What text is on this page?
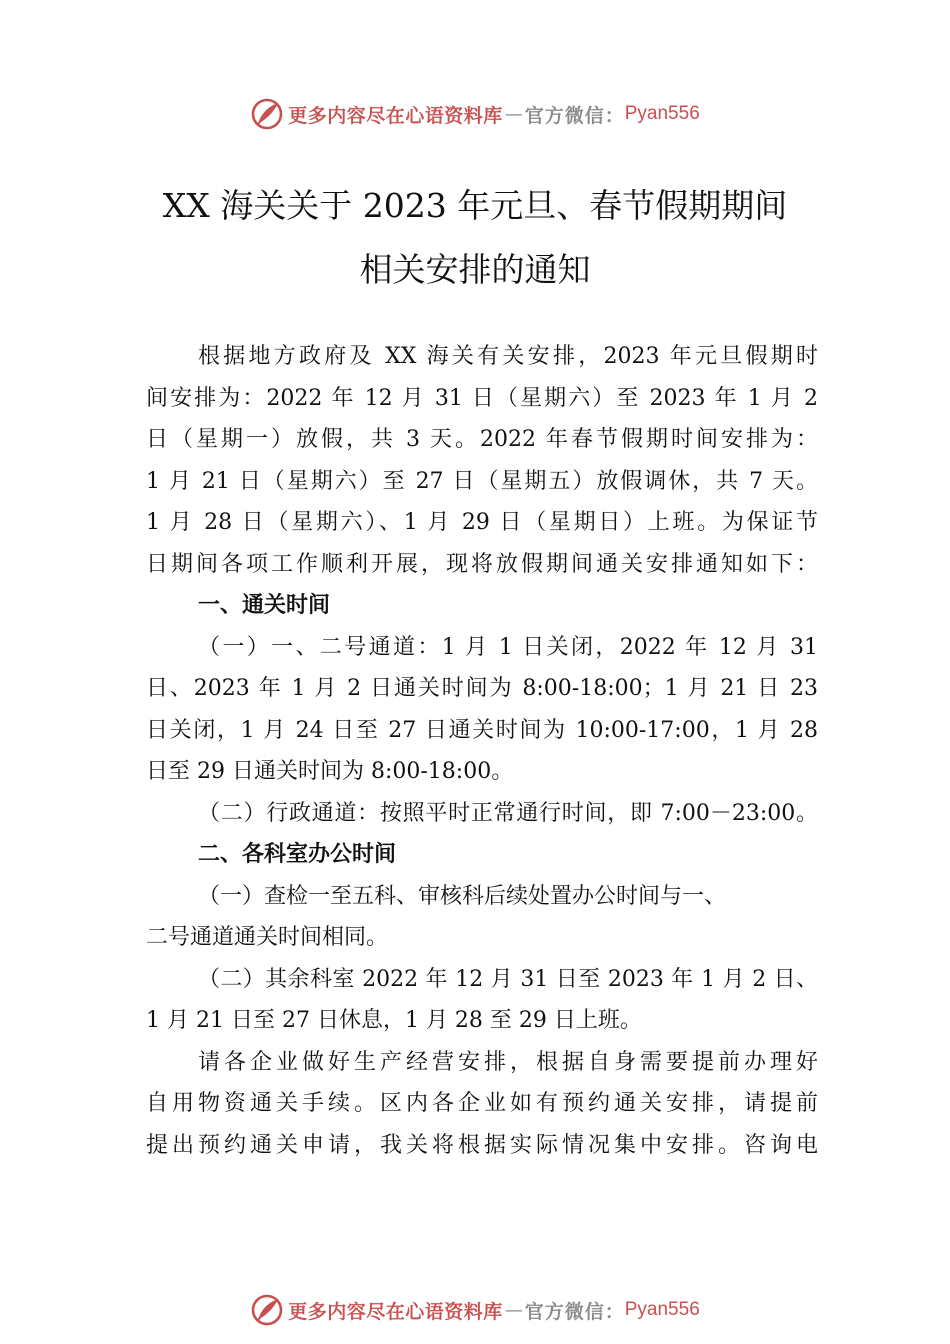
更多内容尽在心语资料库 — 官方微信： Pyan556
XX 海关关于 2023 年元旦、春节假期期间
相关安排的通知
根据地方政府及 XX 海关有关安排，2023 年元旦假期时
间安排为：2022 年 12 月 31 日（星期六）至 2023 年 1 月 2
日（星期一）放假，共 3 天。2022 年春节假期时间安排为：
1 月 21 日（星期六）至 27 日（星期五）放假调休，共 7 天。
1 月 28 日（星期六）、1 月 29 日（星期日）上班。为保证节
日期间各项工作顺利开展，现将放假期间通关安排通知如下：
一、通关时间
（一）一、二号通道：1 月 1 日关闭，2022 年 12 月 31
日、2023 年 1 月 2 日通关时间为 8:00-18:00；1 月 21 日 23
日关闭，1 月 24 日至 27 日通关时间为 10:00-17:00，1 月 28
日至 29 日通关时间为 8:00-18:00。
（二）行政通道：按照平时正常通行时间，即 7:00－23:00。
二、各科室办公时间
（一）查检一至五科、审核科后续处置办公时间与一、
二号通道通关时间相同。
（二）其余科室 2022 年 12 月 31 日至 2023 年 1 月 2 日、
1 月 21 日至 27 日休息，1 月 28 至 29 日上班。
请各企业做好生产经营安排，根据自身需要提前办理好
自用物资通关手续。区内各企业如有预约通关安排，请提前
提出预约通关申请，我关将根据实际情况集中安排。咨询电
更多内容尽在心语资料库 — 官方微信： Pyan556
